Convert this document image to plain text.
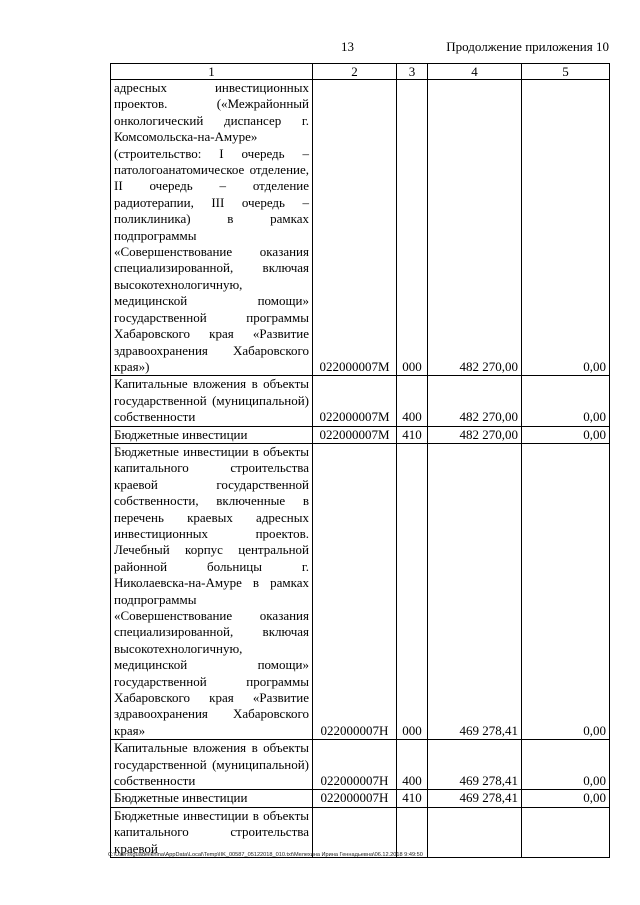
13	Продолжение приложения 10
1	2	3	4	5
адресных инвестиционных проектов. («Межрайонный онкологический диспансер г. Комсомольска-на-Амуре» (строительство: I очередь – патологоанатомическое отделение, II очередь – отделение радиотерапии, III очередь – поликлиника) в рамках подпрограммы «Совершенствование оказания специализированной, включая высокотехнологичную, медицинской помощи» государственной программы Хабаровского края «Развитие здравоохранения Хабаровского края»)	022000007М	000	482 270,00	0,00
Капитальные вложения в объекты государственной (муниципальной) собственности	022000007М	400	482 270,00	0,00
Бюджетные инвестиции	022000007М	410	482 270,00	0,00
Бюджетные инвестиции в объекты капитального строительства краевой государственной собственности, включенные в перечень краевых адресных инвестиционных проектов. Лечебный корпус центральной районной больницы г. Николаевска-на-Амуре в рамках подпрограммы «Совершенствование оказания специализированной, включая высокотехнологичную, медицинской помощи» государственной программы Хабаровского края «Развитие здравоохранения Хабаровского края»	022000007Н	000	469 278,41	0,00
Капитальные вложения в объекты государственной (муниципальной) собственности	022000007Н	400	469 278,41	0,00
Бюджетные инвестиции	022000007Н	410	469 278,41	0,00
Бюджетные инвестиции в объекты капитального строительства краевой				
C:\Users\iguadelikhina\AppData\Local\Temp\IIK_00587_05122018_010.txt\Мелехина Ирина Геннадьевна\06.12.2018 9:49:50
